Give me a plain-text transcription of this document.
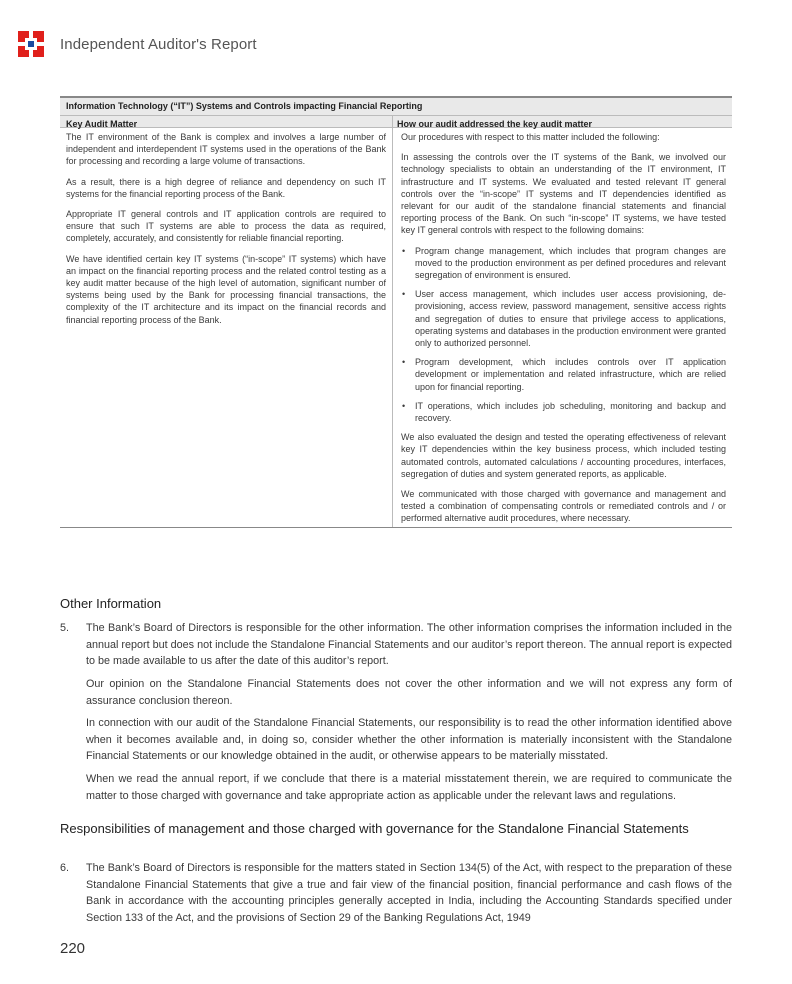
Independent Auditor's Report
Information Technology (“IT”) Systems and Controls impacting Financial Reporting
Key Audit Matter	How our audit addressed the key audit matter

The IT environment of the Bank is complex and involves a large number of independent and interdependent IT systems used in the operations of the Bank for processing and recording a large volume of transactions.

As a result, there is a high degree of reliance and dependency on such IT systems for the financial reporting process of the Bank.

Appropriate IT general controls and IT application controls are required to ensure that such IT systems are able to process the data as required, completely, accurately, and consistently for reliable financial reporting.

We have identified certain key IT systems (“in-scope” IT systems) which have an impact on the financial reporting process and the related control testing as a key audit matter because of the high level of automation, significant number of systems being used by the Bank for processing financial transactions, the complexity of the IT architecture and its impact on the financial records and financial reporting process of the Bank.

Our procedures with respect to this matter included the following:

In assessing the controls over the IT systems of the Bank, we involved our technology specialists to obtain an understanding of the IT environment, IT infrastructure and IT systems. We evaluated and tested relevant IT general controls over the “in-scope” IT systems and IT dependencies identified as relevant for our audit of the standalone financial statements and financial reporting process of the Bank. On such “in-scope” IT systems, we have tested key IT general controls with respect to the following domains:

• Program change management, which includes that program changes are moved to the production environment as per defined procedures and relevant segregation of environment is ensured.
• User access management, which includes user access provisioning, de-provisioning, access review, password management, sensitive access rights and segregation of duties to ensure that privilege access to applications, operating systems and databases in the production environment were granted only to authorized personnel.
• Program development, which includes controls over IT application development or implementation and related infrastructure, which are relied upon for financial reporting.
• IT operations, which includes job scheduling, monitoring and backup and recovery.

We also evaluated the design and tested the operating effectiveness of relevant key IT dependencies within the key business process, which included testing automated controls, automated calculations / accounting procedures, interfaces, segregation of duties and system generated reports, as applicable.

We communicated with those charged with governance and management and tested a combination of compensating controls or remediated controls and / or performed alternative audit procedures, where necessary.

Other Information
5. The Bank’s Board of Directors is responsible for the other information. The other information comprises the information included in the annual report but does not include the Standalone Financial Statements and our auditor’s report thereon. The annual report is expected to be made available to us after the date of this auditor’s report.

Our opinion on the Standalone Financial Statements does not cover the other information and we will not express any form of assurance conclusion thereon.

In connection with our audit of the Standalone Financial Statements, our responsibility is to read the other information identified above when it becomes available and, in doing so, consider whether the other information is materially inconsistent with the Standalone Financial Statements or our knowledge obtained in the audit, or otherwise appears to be materially misstated.

When we read the annual report, if we conclude that there is a material misstatement therein, we are required to communicate the matter to those charged with governance and take appropriate action as applicable under the relevant laws and regulations.

Responsibilities of management and those charged with governance for the Standalone Financial Statements
6. The Bank’s Board of Directors is responsible for the matters stated in Section 134(5) of the Act, with respect to the preparation of these Standalone Financial Statements that give a true and fair view of the financial position, financial performance and cash flows of the Bank in accordance with the accounting principles generally accepted in India, including the Accounting Standards specified under Section 133 of the Act, and the provisions of Section 29 of the Banking Regulations Act, 1949

220
